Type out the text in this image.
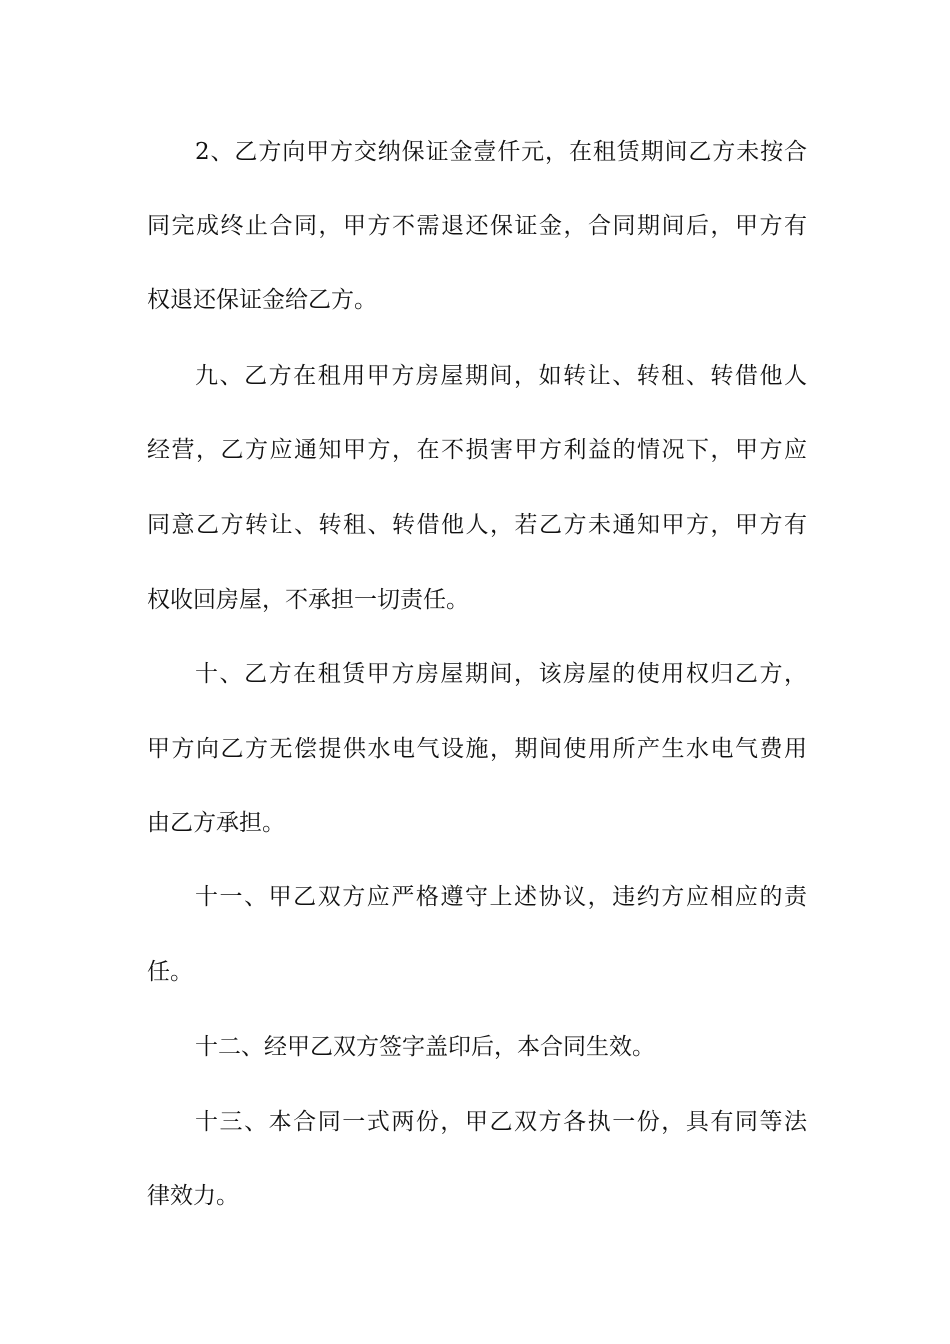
2、乙方向甲方交纳保证金壹仟元，在租赁期间乙方未按合
同完成终止合同，甲方不需退还保证金，合同期间后，甲方有
权退还保证金给乙方。
九、乙方在租用甲方房屋期间，如转让、转租、转借他人
经营，乙方应通知甲方，在不损害甲方利益的情况下，甲方应
同意乙方转让、转租、转借他人，若乙方未通知甲方，甲方有
权收回房屋，不承担一切责任。
十、乙方在租赁甲方房屋期间，该房屋的使用权归乙方，
甲方向乙方无偿提供水电气设施，期间使用所产生水电气费用
由乙方承担。
十一、甲乙双方应严格遵守上述协议，违约方应相应的责
任。
十二、经甲乙双方签字盖印后，本合同生效。
十三、本合同一式两份，甲乙双方各执一份，具有同等法
律效力。
